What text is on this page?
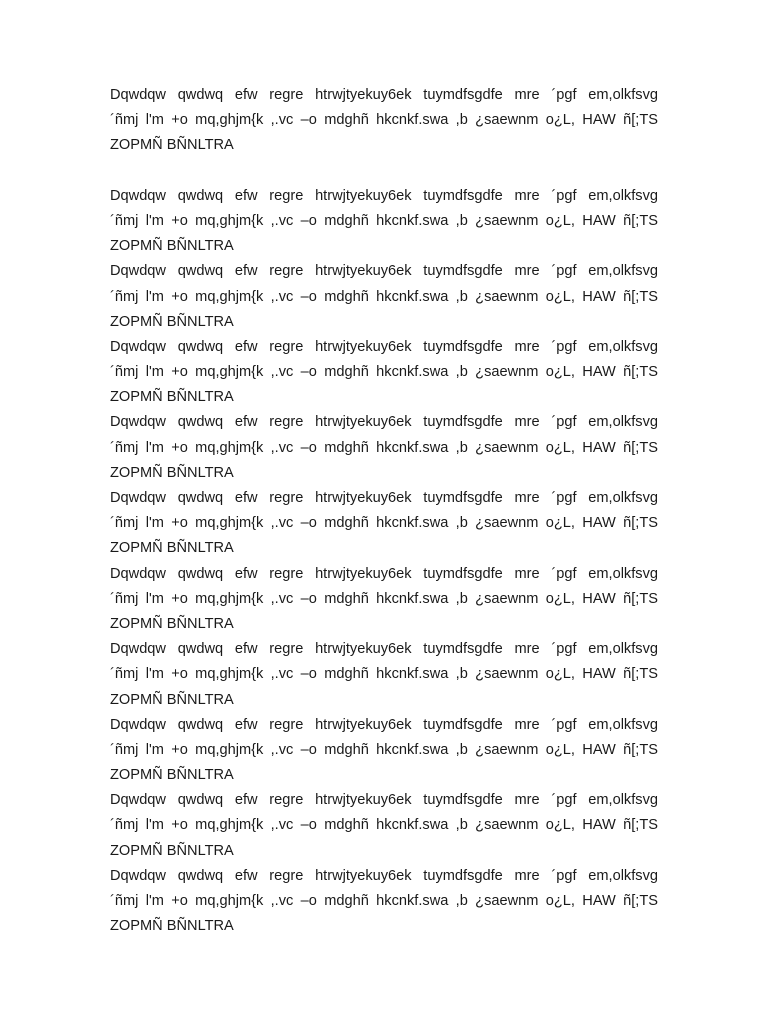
Dqwdqw qwdwq efw regre htrwjtyekuy6ek tuymdfsgdfe mre ´pgf em,olkfsvg
´ñmj l'm +o mq,ghjm{k ,.vc –o mdghñ hkcnkf.swa ,b ¿saewnm o¿L, HAW ñ[;TS
ZOPMÑ BÑNLTRA

Dqwdqw qwdwq efw regre htrwjtyekuy6ek tuymdfsgdfe mre ´pgf em,olkfsvg
´ñmj l'm +o mq,ghjm{k ,.vc –o mdghñ hkcnkf.swa ,b ¿saewnm o¿L, HAW ñ[;TS
ZOPMÑ BÑNLTRA

Dqwdqw qwdwq efw regre htrwjtyekuy6ek tuymdfsgdfe mre ´pgf em,olkfsvg
´ñmj l'm +o mq,ghjm{k ,.vc –o mdghñ hkcnkf.swa ,b ¿saewnm o¿L, HAW ñ[;TS
ZOPMÑ BÑNLTRA

Dqwdqw qwdwq efw regre htrwjtyekuy6ek tuymdfsgdfe mre ´pgf em,olkfsvg
´ñmj l'm +o mq,ghjm{k ,.vc –o mdghñ hkcnkf.swa ,b ¿saewnm o¿L, HAW ñ[;TS
ZOPMÑ BÑNLTRA

Dqwdqw qwdwq efw regre htrwjtyekuy6ek tuymdfsgdfe mre ´pgf em,olkfsvg
´ñmj l'm +o mq,ghjm{k ,.vc –o mdghñ hkcnkf.swa ,b ¿saewnm o¿L, HAW ñ[;TS
ZOPMÑ BÑNLTRA

Dqwdqw qwdwq efw regre htrwjtyekuy6ek tuymdfsgdfe mre ´pgf em,olkfsvg
´ñmj l'm +o mq,ghjm{k ,.vc –o mdghñ hkcnkf.swa ,b ¿saewnm o¿L, HAW ñ[;TS
ZOPMÑ BÑNLTRA

Dqwdqw qwdwq efw regre htrwjtyekuy6ek tuymdfsgdfe mre ´pgf em,olkfsvg
´ñmj l'm +o mq,ghjm{k ,.vc –o mdghñ hkcnkf.swa ,b ¿saewnm o¿L, HAW ñ[;TS
ZOPMÑ BÑNLTRA

Dqwdqw qwdwq efw regre htrwjtyekuy6ek tuymdfsgdfe mre ´pgf em,olkfsvg
´ñmj l'm +o mq,ghjm{k ,.vc –o mdghñ hkcnkf.swa ,b ¿saewnm o¿L, HAW ñ[;TS
ZOPMÑ BÑNLTRA

Dqwdqw qwdwq efw regre htrwjtyekuy6ek tuymdfsgdfe mre ´pgf em,olkfsvg
´ñmj l'm +o mq,ghjm{k ,.vc –o mdghñ hkcnkf.swa ,b ¿saewnm o¿L, HAW ñ[;TS
ZOPMÑ BÑNLTRA

Dqwdqw qwdwq efw regre htrwjtyekuy6ek tuymdfsgdfe mre ´pgf em,olkfsvg
´ñmj l'm +o mq,ghjm{k ,.vc –o mdghñ hkcnkf.swa ,b ¿saewnm o¿L, HAW ñ[;TS
ZOPMÑ BÑNLTRA

Dqwdqw qwdwq efw regre htrwjtyekuy6ek tuymdfsgdfe mre ´pgf em,olkfsvg
´ñmj l'm +o mq,ghjm{k ,.vc –o mdghñ hkcnkf.swa ,b ¿saewnm o¿L, HAW ñ[;TS
ZOPMÑ BÑNLTRA
